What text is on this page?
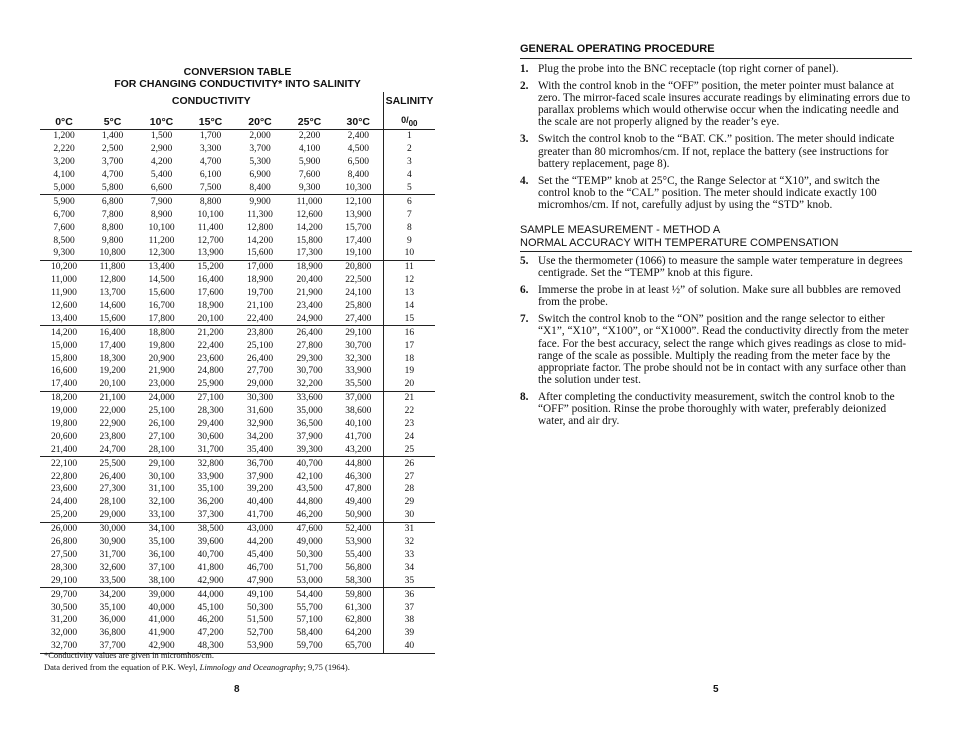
CONVERSION TABLE
FOR CHANGING CONDUCTIVITY* INTO SALINITY
CONDUCTIVITY							SALINITY
0°C	5°C	10°C	15°C	20°C	25°C	30°C	$0/_{00}$
1,200	1,400	1,500	1,700	2,000	2,200	2,400	1
2,220	2,500	2,900	3,300	3,700	4,100	4,500	2
3,200	3,700	4,200	4,700	5,300	5,900	6,500	3
4,100	4,700	5,400	6,100	6,900	7,600	8,400	4
5,000	5,800	6,600	7,500	8,400	9,300	10,300	5
5,900	6,800	7,900	8,800	9,900	11,000	12,100	6
6,700	7,800	8,900	10,100	11,300	12,600	13,900	7
7,600	8,800	10,100	11,400	12,800	14,200	15,700	8
8,500	9,800	11,200	12,700	14,200	15,800	17,400	9
9,300	10,800	12,300	13,900	15,600	17,300	19,100	10
10,200	11,800	13,400	15,200	17,000	18,900	20,800	11
11,000	12,800	14,500	16,400	18,900	20,400	22,500	12
11,900	13,700	15,600	17,600	19,700	21,900	24,100	13
12,600	14,600	16,700	18,900	21,100	23,400	25,800	14
13,400	15,600	17,800	20,100	22,400	24,900	27,400	15
14,200	16,400	18,800	21,200	23,800	26,400	29,100	16
15,000	17,400	19,800	22,400	25,100	27,800	30,700	17
15,800	18,300	20,900	23,600	26,400	29,300	32,300	18
16,600	19,200	21,900	24,800	27,700	30,700	33,900	19
17,400	20,100	23,000	25,900	29,000	32,200	35,500	20
18,200	21,100	24,000	27,100	30,300	33,600	37,000	21
19,000	22,000	25,100	28,300	31,600	35,000	38,600	22
19,800	22,900	26,100	29,400	32,900	36,500	40,100	23
20,600	23,800	27,100	30,600	34,200	37,900	41,700	24
21,400	24,700	28,100	31,700	35,400	39,300	43,200	25
22,100	25,500	29,100	32,800	36,700	40,700	44,800	26
22,800	26,400	30,100	33,900	37,900	42,100	46,300	27
23,600	27,300	31,100	35,100	39,200	43,500	47,800	28
24,400	28,100	32,100	36,200	40,400	44,800	49,400	29
25,200	29,000	33,100	37,300	41,700	46,200	50,900	30
26,000	30,000	34,100	38,500	43,000	47,600	52,400	31
26,800	30,900	35,100	39,600	44,200	49,000	53,900	32
27,500	31,700	36,100	40,700	45,400	50,300	55,400	33
28,300	32,600	37,100	41,800	46,700	51,700	56,800	34
29,100	33,500	38,100	42,900	47,900	53,000	58,300	35
29,700	34,200	39,000	44,000	49,100	54,400	59,800	36
30,500	35,100	40,000	45,100	50,300	55,700	61,300	37
31,200	36,000	41,000	46,200	51,500	57,100	62,800	38
32,000	36,800	41,900	47,200	52,700	58,400	64,200	39
32,700	37,700	42,900	48,300	53,900	59,700	65,700	40
*Conductivity values are given in micromhos/cm.
Data derived from the equation of P.K. Weyl, Limnology and Oceanography; 9,75 (1964).
8
GENERAL OPERATING PROCEDURE
1. Plug the probe into the BNC receptacle (top right corner of panel).
2. With the control knob in the “OFF” position, the meter pointer must balance at zero. The mirror-faced scale insures accurate readings by eliminating errors due to parallax problems which would otherwise occur when the indicating needle and the scale are not properly aligned by the reader’s eye.
3. Switch the control knob to the “BAT. CK.” position. The meter should indicate greater than 80 micromhos/cm. If not, replace the battery (see instructions for battery replacement, page 8).
4. Set the “TEMP” knob at 25°C, the Range Selector at “X10”, and switch the control knob to the “CAL” position. The meter should indicate exactly 100 micromhos/cm. If not, carefully adjust by using the “STD” knob.
SAMPLE MEASUREMENT - METHOD A
NORMAL ACCURACY WITH TEMPERATURE COMPENSATION
5. Use the thermometer (1066) to measure the sample water temperature in degrees centigrade. Set the “TEMP” knob at this figure.
6. Immerse the probe in at least ½” of solution. Make sure all bubbles are removed from the probe.
7. Switch the control knob to the “ON” position and the range selector to either “X1”, “X10”, “X100”, or “X1000”. Read the conductivity directly from the meter face. For the best accuracy, select the range which gives readings as close to mid-range of the scale as possible. Multiply the reading from the meter face by the appropriate factor. The probe should not be in contact with any surface other than the solution under test.
8. After completing the conductivity measurement, switch the control knob to the “OFF” position. Rinse the probe thoroughly with water, preferably deionized water, and air dry.
5
